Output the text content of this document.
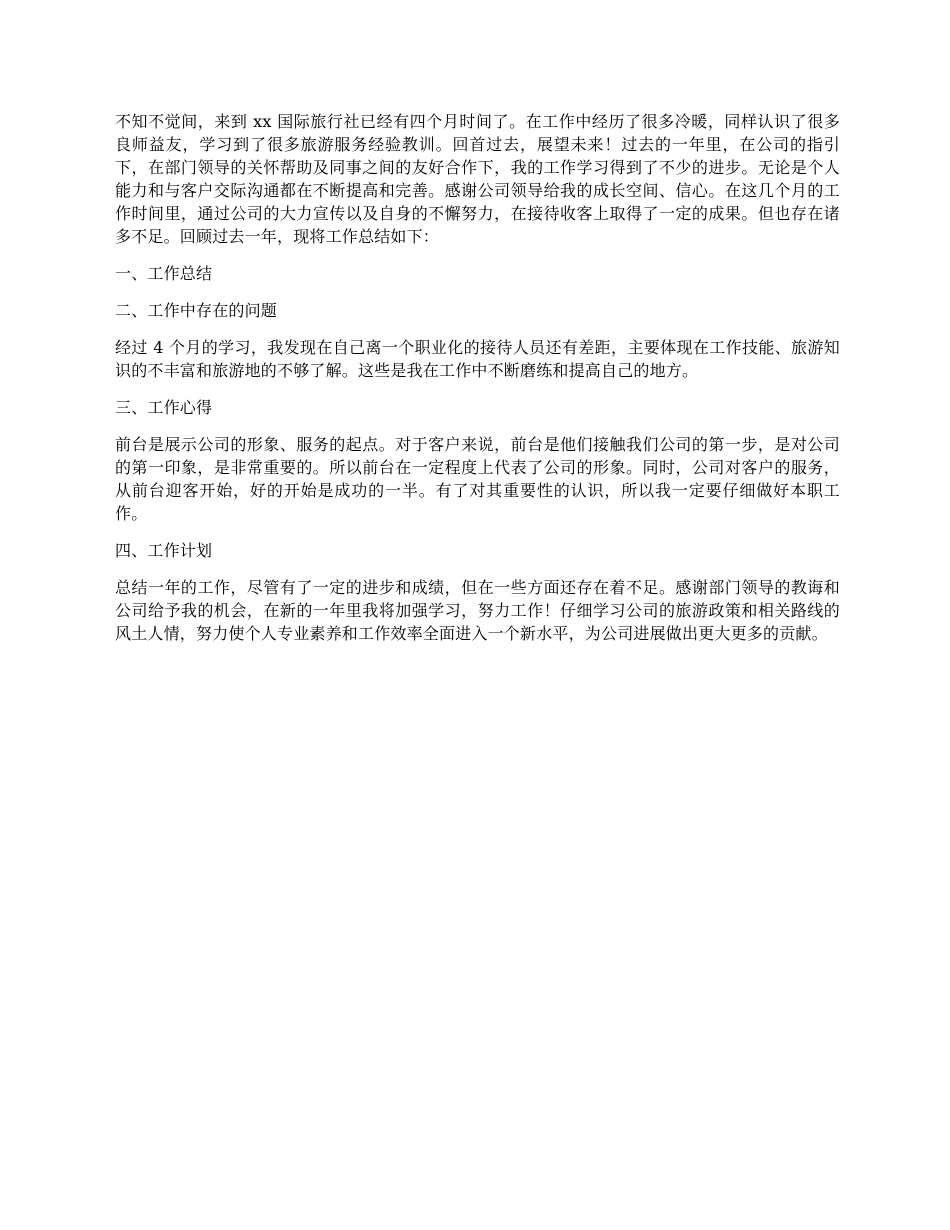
不知不觉间，来到 xx 国际旅行社已经有四个月时间了。在工作中经历了很多冷暖，同样认识了很多良师益友，学习到了很多旅游服务经验教训。回首过去，展望未来！过去的一年里，在公司的指引下，在部门领导的关怀帮助及同事之间的友好合作下，我的工作学习得到了不少的进步。无论是个人能力和与客户交际沟通都在不断提高和完善。感谢公司领导给我的成长空间、信心。在这几个月的工作时间里，通过公司的大力宣传以及自身的不懈努力，在接待收客上取得了一定的成果。但也存在诸多不足。回顾过去一年，现将工作总结如下：

一、工作总结

二、工作中存在的问题

经过 4 个月的学习，我发现在自己离一个职业化的接待人员还有差距，主要体现在工作技能、旅游知识的不丰富和旅游地的不够了解。这些是我在工作中不断磨练和提高自己的地方。

三、工作心得

前台是展示公司的形象、服务的起点。对于客户来说，前台是他们接触我们公司的第一步，是对公司的第一印象，是非常重要的。所以前台在一定程度上代表了公司的形象。同时，公司对客户的服务，从前台迎客开始，好的开始是成功的一半。有了对其重要性的认识，所以我一定要仔细做好本职工作。

四、工作计划

总结一年的工作，尽管有了一定的进步和成绩，但在一些方面还存在着不足。感谢部门领导的教诲和公司给予我的机会，在新的一年里我将加强学习，努力工作！仔细学习公司的旅游政策和相关路线的风土人情，努力使个人专业素养和工作效率全面进入一个新水平，为公司进展做出更大更多的贡献。
